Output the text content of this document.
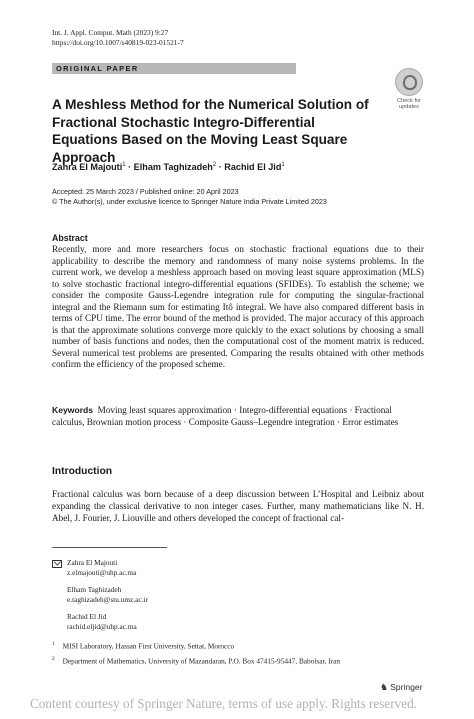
Int. J. Appl. Comput. Math (2023) 9:27
https://doi.org/10.1007/s40819-023-01521-7
ORIGINAL PAPER
Check for
updates
A Meshless Method for the Numerical Solution of Fractional Stochastic Integro-Differential Equations Based on the Moving Least Square Approach
Zahra El Majouti$^1$ · Elham Taghizadeh$^2$ · Rachid El Jid$^1$
Accepted: 25 March 2023 / Published online: 20 April 2023
© The Author(s), under exclusive licence to Springer Nature India Private Limited 2023
Abstract
Recently, more and more researchers focus on stochastic fractional equations due to their applicability to describe the memory and randomness of many noise systems problems. In the current work, we develop a meshless approach based on moving least square approximation (MLS) to solve stochastic fractional integro-differential equations (SFIDEs). To establish the scheme; we consider the composite Gauss-Legendre integration rule for computing the singular-fractional integral and the Riemann sum for estimating Itô integral. We have also compared different basis in terms of CPU time. The error bound of the method is provided. The major accuracy of this approach is that the approximate solutions converge more quickly to the exact solutions by choosing a small number of basis functions and nodes, then the computational cost of the moment matrix is reduced. Several numerical test problems are presented. Comparing the results obtained with other methods confirm the efficiency of the proposed scheme.
Keywords Moving least squares approximation · Integro-differential equations · Fractional calculus, Brownian motion process · Composite Gauss–Legendre integration · Error estimates
Introduction
Fractional calculus was born because of a deep discussion between L’Hospital and Leibniz about expanding the classical derivative to non integer cases. Further, many mathematicians like N. H. Abel, J. Fourier, J. Liouville and others developed the concept of fractional cal-
Zahra El Majouti
z.elmajouti@uhp.ac.ma
Elham Taghizadeh
e.taghizadeh@stu.umz.ac.ir
Rachid El Jid
rachid.eljid@uhp.ac.ma
$^1$ MISI Laboratory, Hassan First University, Settat, Morocco
$^2$ Department of Mathematics, University of Mazandaran, P.O. Box 47415-95447, Babolsar, Iran
♞ Springer
Content courtesy of Springer Nature, terms of use apply. Rights reserved.
